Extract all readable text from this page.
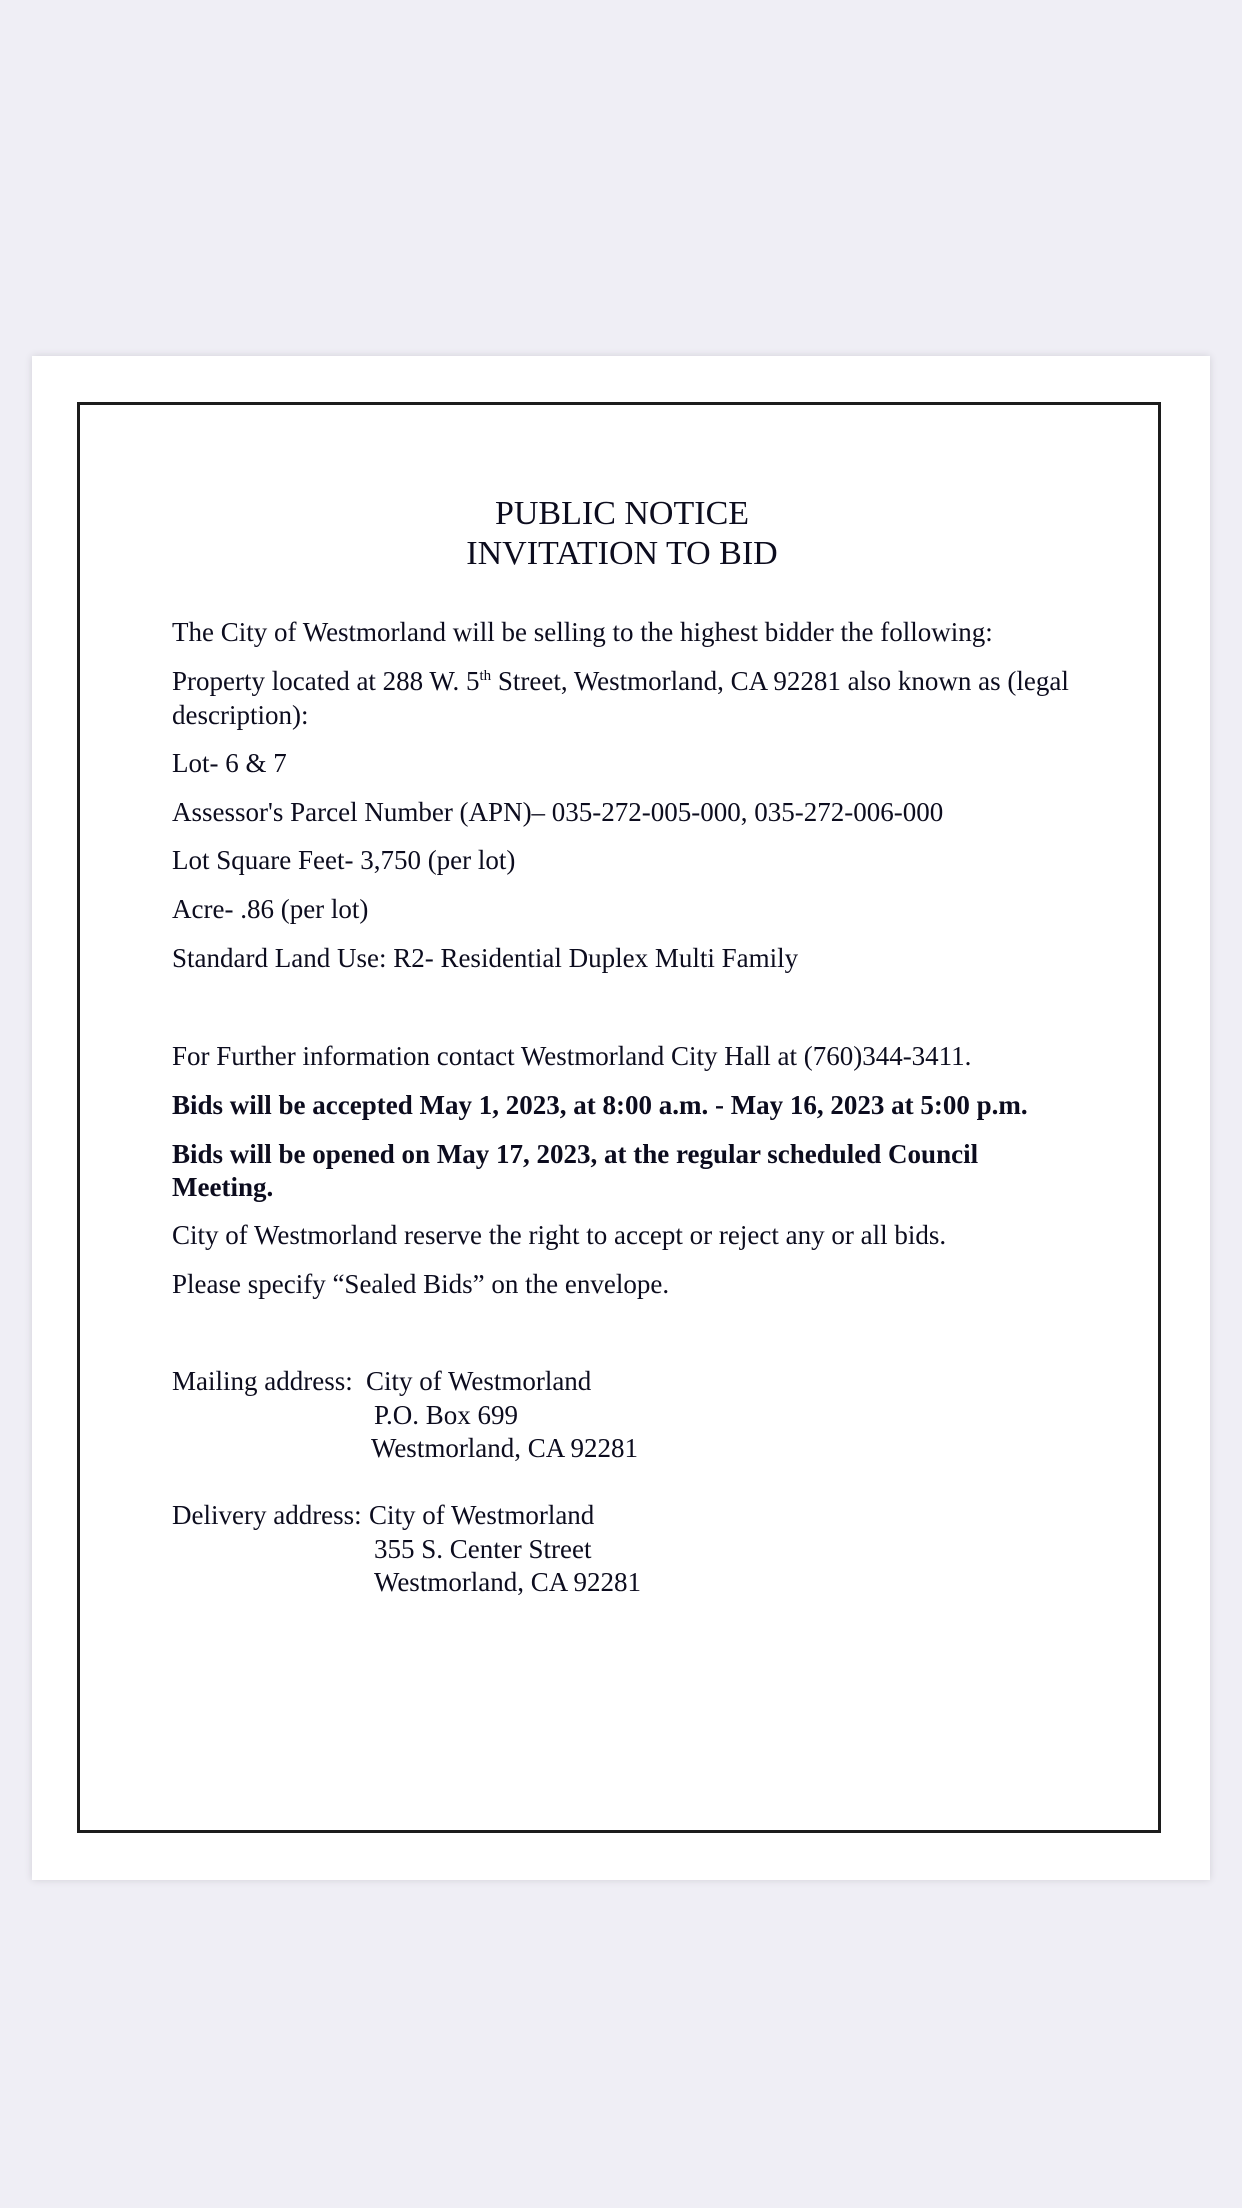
PUBLIC NOTICE
INVITATION TO BID
The City of Westmorland will be selling to the highest bidder the following:
Property located at 288 W. 5th Street, Westmorland, CA 92281 also known as (legal
description):
Lot- 6 & 7
Assessor's Parcel Number (APN)– 035-272-005-000, 035-272-006-000
Lot Square Feet- 3,750 (per lot)
Acre- .86 (per lot)
Standard Land Use: R2- Residential Duplex Multi Family
For Further information contact Westmorland City Hall at (760)344-3411.
Bids will be accepted May 1, 2023, at 8:00 a.m. - May 16, 2023 at 5:00 p.m.
Bids will be opened on May 17, 2023, at the regular scheduled Council
Meeting.
City of Westmorland reserve the right to accept or reject any or all bids.
Please specify “Sealed Bids” on the envelope.
Mailing address: City of Westmorland
P.O. Box 699
Westmorland, CA 92281
Delivery address: City of Westmorland
355 S. Center Street
Westmorland, CA 92281
